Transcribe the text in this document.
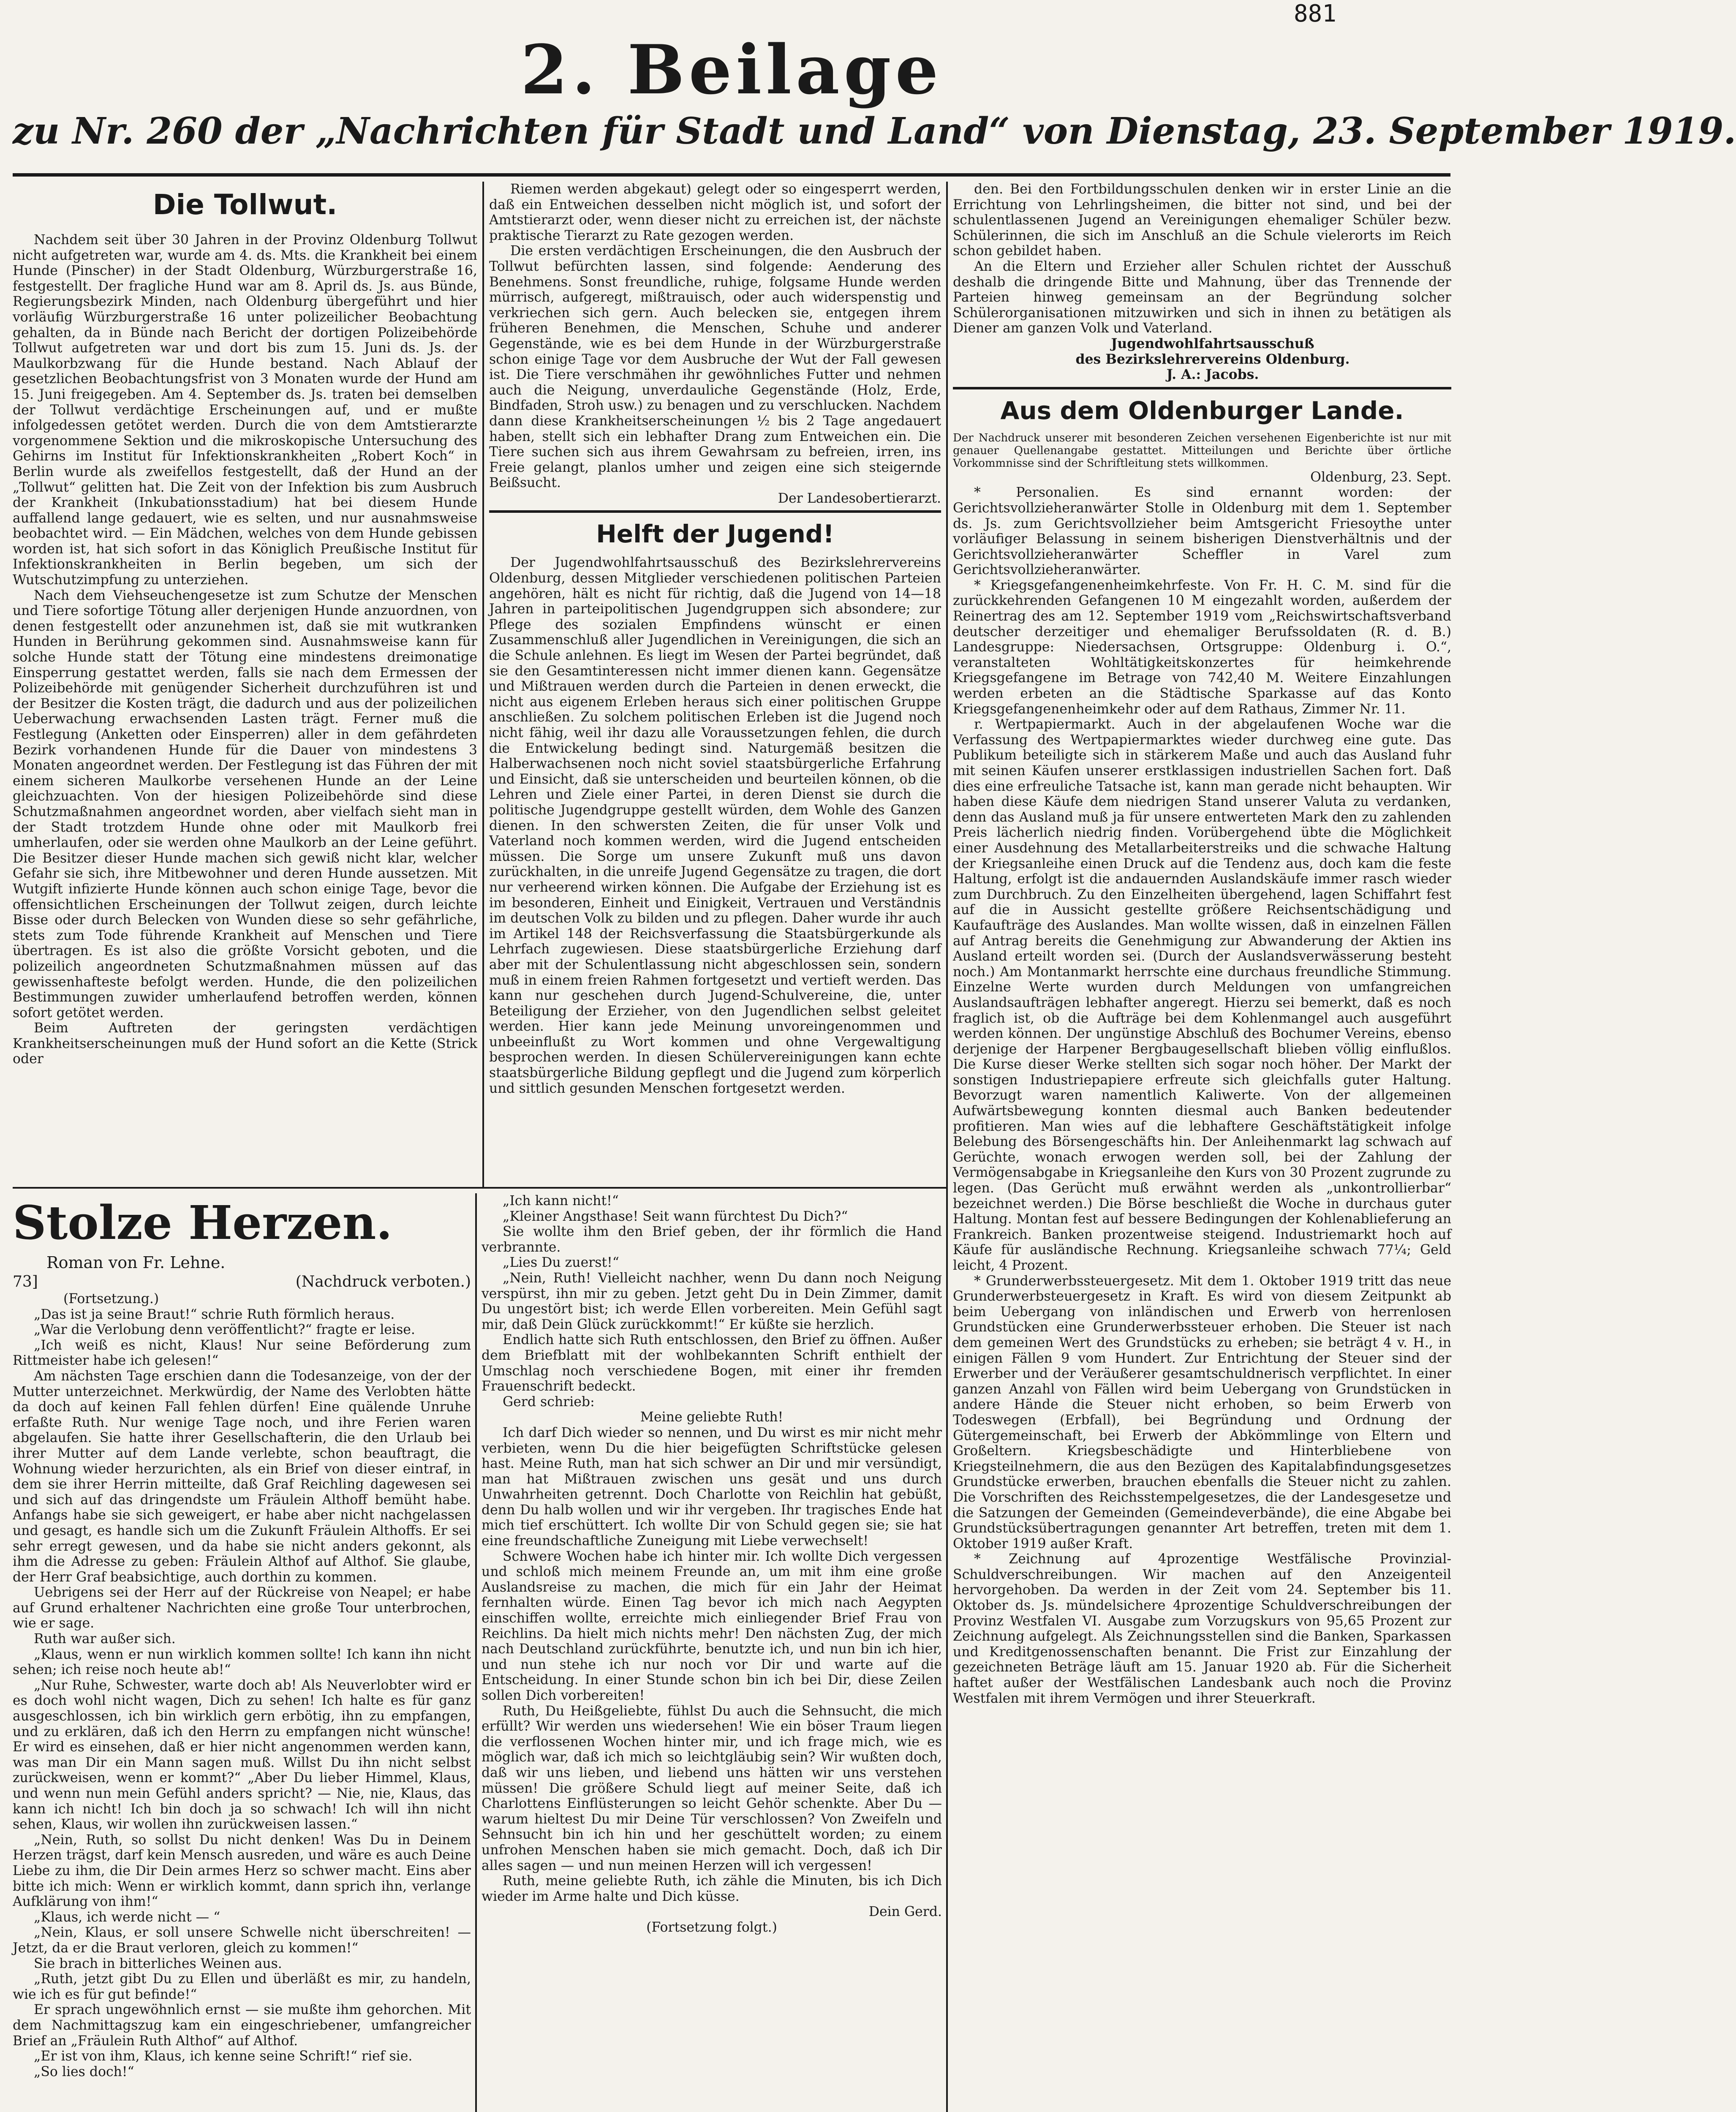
881
2. Beilage
zu Nr. 260 der „Nachrichten für Stadt und Land“ von Dienstag, 23. September 1919.
Die Tollwut.

Nachdem seit über 30 Jahren in der Provinz Oldenburg Tollwut nicht aufgetreten war, wurde am 4. ds. Mts. die Krankheit bei einem Hunde (Pinscher) in der Stadt Oldenburg, Würzburgerstraße 16, festgestellt. Der fragliche Hund war am 8. April ds. Js. aus Bünde, Regierungsbezirk Minden, nach Oldenburg übergeführt und hier vorläufig Würzburgerstraße 16 unter polizeilicher Beobachtung gehalten, da in Bünde nach Bericht der dortigen Polizeibehörde Tollwut aufgetreten war und dort bis zum 15. Juni ds. Js. der Maulkorbzwang für die Hunde bestand. Nach Ablauf der gesetzlichen Beobachtungsfrist von 3 Monaten wurde der Hund am 15. Juni freigegeben. Am 4. September ds. Js. traten bei demselben der Tollwut verdächtige Erscheinungen auf, und er mußte infolgedessen getötet werden. Durch die von dem Amtstierarzte vorgenommene Sektion und die mikroskopische Untersuchung des Gehirns im Institut für Infektionskrankheiten „Robert Koch“ in Berlin wurde als zweifellos festgestellt, daß der Hund an der „Tollwut“ gelitten hat. Die Zeit von der Infektion bis zum Ausbruch der Krankheit (Inkubationsstadium) hat bei diesem Hunde auffallend lange gedauert, wie es selten, und nur ausnahmsweise beobachtet wird. — Ein Mädchen, welches von dem Hunde gebissen worden ist, hat sich sofort in das Königlich Preußische Institut für Infektionskrankheiten in Berlin begeben, um sich der Wutschutzimpfung zu unterziehen.

Nach dem Viehseuchengesetze ist zum Schutze der Menschen und Tiere sofortige Tötung aller derjenigen Hunde anzuordnen, von denen festgestellt oder anzunehmen ist, daß sie mit wutkranken Hunden in Berührung gekommen sind. Ausnahmsweise kann für solche Hunde statt der Tötung eine mindestens dreimonatige Einsperrung gestattet werden, falls sie nach dem Ermessen der Polizeibehörde mit genügender Sicherheit durchzuführen ist und der Besitzer die Kosten trägt, die dadurch und aus der polizeilichen Ueberwachung erwachsenden Lasten trägt. Ferner muß die Festlegung (Anketten oder Einsperren) aller in dem gefährdeten Bezirk vorhandenen Hunde für die Dauer von mindestens 3 Monaten angeordnet werden. Der Festlegung ist das Führen der mit einem sicheren Maulkorbe versehenen Hunde an der Leine gleichzuachten. Von der hiesigen Polizeibehörde sind diese Schutzmaßnahmen angeordnet worden, aber vielfach sieht man in der Stadt trotzdem Hunde ohne oder mit Maulkorb frei umherlaufen, oder sie werden ohne Maulkorb an der Leine geführt. Die Besitzer dieser Hunde machen sich gewiß nicht klar, welcher Gefahr sie sich, ihre Mitbewohner und deren Hunde aussetzen. Mit Wutgift infizierte Hunde können auch schon einige Tage, bevor die offensichtlichen Erscheinungen der Tollwut zeigen, durch leichte Bisse oder durch Belecken von Wunden diese so sehr gefährliche, stets zum Tode führende Krankheit auf Menschen und Tiere übertragen. Es ist also die größte Vorsicht geboten, und die polizeilich angeordneten Schutzmaßnahmen müssen auf das gewissenhafteste befolgt werden. Hunde, die den polizeilichen Bestimmungen zuwider umherlaufend betroffen werden, können sofort getötet werden.

Beim Auftreten der geringsten verdächtigen Krankheitserscheinungen muß der Hund sofort an die Kette (Strick oder

Riemen werden abgekaut) gelegt oder so eingesperrt werden, daß ein Entweichen desselben nicht möglich ist, und sofort der Amtstierarzt oder, wenn dieser nicht zu erreichen ist, der nächste praktische Tierarzt zu Rate gezogen werden.

Die ersten verdächtigen Erscheinungen, die den Ausbruch der Tollwut befürchten lassen, sind folgende: Aenderung des Benehmens. Sonst freundliche, ruhige, folgsame Hunde werden mürrisch, aufgeregt, mißtrauisch, oder auch widerspenstig und verkriechen sich gern. Auch belecken sie, entgegen ihrem früheren Benehmen, die Menschen, Schuhe und anderer Gegenstände, wie es bei dem Hunde in der Würzburgerstraße schon einige Tage vor dem Ausbruche der Wut der Fall gewesen ist. Die Tiere verschmähen ihr gewöhnliches Futter und nehmen auch die Neigung, unverdauliche Gegenstände (Holz, Erde, Bindfaden, Stroh usw.) zu benagen und zu verschlucken. Nachdem dann diese Krankheitserscheinungen ½ bis 2 Tage angedauert haben, stellt sich ein lebhafter Drang zum Entweichen ein. Die Tiere suchen sich aus ihrem Gewahrsam zu befreien, irren, ins Freie gelangt, planlos umher und zeigen eine sich steigernde Beißsucht.

Der Landesobertierarzt.

Helft der Jugend!

Der Jugendwohlfahrtsausschuß des Bezirkslehrervereins Oldenburg, dessen Mitglieder verschiedenen politischen Parteien angehören, hält es nicht für richtig, daß die Jugend von 14—18 Jahren in parteipolitischen Jugendgruppen sich absondere; zur Pflege des sozialen Empfindens wünscht er einen Zusammenschluß aller Jugendlichen in Vereinigungen, die sich an die Schule anlehnen. Es liegt im Wesen der Partei begründet, daß sie den Gesamtinteressen nicht immer dienen kann. Gegensätze und Mißtrauen werden durch die Parteien in denen erweckt, die nicht aus eigenem Erleben heraus sich einer politischen Gruppe anschließen. Zu solchem politischen Erleben ist die Jugend noch nicht fähig, weil ihr dazu alle Voraussetzungen fehlen, die durch die Entwickelung bedingt sind. Naturgemäß besitzen die Halberwachsenen noch nicht soviel staatsbürgerliche Erfahrung und Einsicht, daß sie unterscheiden und beurteilen können, ob die Lehren und Ziele einer Partei, in deren Dienst sie durch die politische Jugendgruppe gestellt würden, dem Wohle des Ganzen dienen. In den schwersten Zeiten, die für unser Volk und Vaterland noch kommen werden, wird die Jugend entscheiden müssen. Die Sorge um unsere Zukunft muß uns davon zurückhalten, in die unreife Jugend Gegensätze zu tragen, die dort nur verheerend wirken können. Die Aufgabe der Erziehung ist es im besonderen, Einheit und Einigkeit, Vertrauen und Verständnis im deutschen Volk zu bilden und zu pflegen. Daher wurde ihr auch im Artikel 148 der Reichsverfassung die Staatsbürgerkunde als Lehrfach zugewiesen. Diese staatsbürgerliche Erziehung darf aber mit der Schulentlassung nicht abgeschlossen sein, sondern muß in einem freien Rahmen fortgesetzt und vertieft werden. Das kann nur geschehen durch Jugend-Schulvereine, die, unter Beteiligung der Erzieher, von den Jugendlichen selbst geleitet werden. Hier kann jede Meinung unvoreingenommen und unbeeinflußt zu Wort kommen und ohne Vergewaltigung besprochen werden. In diesen Schülervereinigungen kann echte staatsbürgerliche Bildung gepflegt und die Jugend zum körperlich und sittlich gesunden Menschen fortgesetzt werden.

den. Bei den Fortbildungsschulen denken wir in erster Linie an die Errichtung von Lehrlingsheimen, die bitter not sind, und bei der schulentlassenen Jugend an Vereinigungen ehemaliger Schüler bezw. Schülerinnen, die sich im Anschluß an die Schule vielerorts im Reich schon gebildet haben.

An die Eltern und Erzieher aller Schulen richtet der Ausschuß deshalb die dringende Bitte und Mahnung, über das Trennende der Parteien hinweg gemeinsam an der Begründung solcher Schülerorganisationen mitzuwirken und sich in ihnen zu betätigen als Diener am ganzen Volk und Vaterland.

Jugendwohlfahrtsausschuß

des Bezirkslehrervereins Oldenburg.

J. A.: Jacobs.

Aus dem Oldenburger Lande.

Der Nachdruck unserer mit besonderen Zeichen versehenen Eigenberichte ist nur mit genauer Quellenangabe gestattet. Mitteilungen und Berichte über örtliche Vorkommnisse sind der Schriftleitung stets willkommen.

Oldenburg, 23. Sept.

* Personalien. Es sind ernannt worden: der Gerichtsvollzieheranwärter Stolle in Oldenburg mit dem 1. September ds. Js. zum Gerichtsvollzieher beim Amtsgericht Friesoythe unter vorläufiger Belassung in seinem bisherigen Dienstverhältnis und der Gerichtsvollzieheranwärter Scheffler in Varel zum Gerichtsvollzieheranwärter.

* Kriegsgefangenenheimkehrfeste. Von Fr. H. C. M. sind für die zurückkehrenden Gefangenen 10 M eingezahlt worden, außerdem der Reinertrag des am 12. September 1919 vom „Reichswirtschaftsverband deutscher derzeitiger und ehemaliger Berufssoldaten (R. d. B.) Landesgruppe: Niedersachsen, Ortsgruppe: Oldenburg i. O.“, veranstalteten Wohltätigkeitskonzertes für heimkehrende Kriegsgefangene im Betrage von 742,40 M. Weitere Einzahlungen werden erbeten an die Städtische Sparkasse auf das Konto Kriegsgefangenenheimkehr oder auf dem Rathaus, Zimmer Nr. 11.

r. Wertpapiermarkt. Auch in der abgelaufenen Woche war die Verfassung des Wertpapiermarktes wieder durchweg eine gute. Das Publikum beteiligte sich in stärkerem Maße und auch das Ausland fuhr mit seinen Käufen unserer erstklassigen industriellen Sachen fort. Daß dies eine erfreuliche Tatsache ist, kann man gerade nicht behaupten. Wir haben diese Käufe dem niedrigen Stand unserer Valuta zu verdanken, denn das Ausland muß ja für unsere entwerteten Mark den zu zahlenden Preis lächerlich niedrig finden. Vorübergehend übte die Möglichkeit einer Ausdehnung des Metallarbeiterstreiks und die schwache Haltung der Kriegsanleihe einen Druck auf die Tendenz aus, doch kam die feste Haltung, erfolgt ist die andauernden Auslandskäufe immer rasch wieder zum Durchbruch. Zu den Einzelheiten übergehend, lagen Schiffahrt fest auf die in Aussicht gestellte größere Reichsentschädigung und Kaufaufträge des Auslandes. Man wollte wissen, daß in einzelnen Fällen auf Antrag bereits die Genehmigung zur Abwanderung der Aktien ins Ausland erteilt worden sei. (Durch der Auslandsverwässerung besteht noch.) Am Montanmarkt herrschte eine durchaus freundliche Stimmung. Einzelne Werte wurden durch Meldungen von umfangreichen Auslandsaufträgen lebhafter angeregt. Hierzu sei bemerkt, daß es noch fraglich ist, ob die Aufträge bei dem Kohlenmangel auch ausgeführt werden können. Der ungünstige Abschluß des Bochumer Vereins, ebenso derjenige der Harpener Bergbaugesellschaft blieben völlig einflußlos. Die Kurse dieser Werke stellten sich sogar noch höher. Der Markt der sonstigen Industriepapiere erfreute sich gleichfalls guter Haltung. Bevorzugt waren namentlich Kaliwerte. Von der allgemeinen Aufwärtsbewegung konnten diesmal auch Banken bedeutender profitieren. Man wies auf die lebhaftere Geschäftstätigkeit infolge Belebung des Börsengeschäfts hin. Der Anleihenmarkt lag schwach auf Gerüchte, wonach erwogen werden soll, bei der Zahlung der Vermögensabgabe in Kriegsanleihe den Kurs von 30 Prozent zugrunde zu legen. (Das Gerücht muß erwähnt werden als „unkontrollierbar“ bezeichnet werden.) Die Börse beschließt die Woche in durchaus guter Haltung. Montan fest auf bessere Bedingungen der Kohlenablieferung an Frankreich. Banken prozentweise steigend. Industriemarkt hoch auf Käufe für ausländische Rechnung. Kriegsanleihe schwach 77¼; Geld leicht, 4 Prozent.

* Grunderwerbssteuergesetz. Mit dem 1. Oktober 1919 tritt das neue Grunderwerbsteuergesetz in Kraft. Es wird von diesem Zeitpunkt ab beim Uebergang von inländischen und Erwerb von herrenlosen Grundstücken eine Grunderwerbssteuer erhoben. Die Steuer ist nach dem gemeinen Wert des Grundstücks zu erheben; sie beträgt 4 v. H., in einigen Fällen 9 vom Hundert. Zur Entrichtung der Steuer sind der Erwerber und der Veräußerer gesamtschuldnerisch verpflichtet. In einer ganzen Anzahl von Fällen wird beim Uebergang von Grundstücken in andere Hände die Steuer nicht erhoben, so beim Erwerb von Todeswegen (Erbfall), bei Begründung und Ordnung der Gütergemeinschaft, bei Erwerb der Abkömmlinge von Eltern und Großeltern. Kriegsbeschädigte und Hinterbliebene von Kriegsteilnehmern, die aus den Bezügen des Kapitalabfindungsgesetzes Grundstücke erwerben, brauchen ebenfalls die Steuer nicht zu zahlen. Die Vorschriften des Reichsstempelgesetzes, die der Landesgesetze und die Satzungen der Gemeinden (Gemeindeverbände), die eine Abgabe bei Grundstücksübertragungen genannter Art betreffen, treten mit dem 1. Oktober 1919 außer Kraft.

* Zeichnung auf 4prozentige Westfälische Provinzial-Schuldverschreibungen. Wir machen auf den Anzeigenteil hervorgehoben. Da werden in der Zeit vom 24. September bis 11. Oktober ds. Js. mündelsichere 4prozentige Schuldverschreibungen der Provinz Westfalen VI. Ausgabe zum Vorzugskurs von 95,65 Prozent zur Zeichnung aufgelegt. Als Zeichnungsstellen sind die Banken, Sparkassen und Kreditgenossenschaften benannt. Die Frist zur Einzahlung der gezeichneten Beträge läuft am 15. Januar 1920 ab. Für die Sicherheit haftet außer der Westfälischen Landesbank auch noch die Provinz Westfalen mit ihrem Vermögen und ihrer Steuerkraft.

Stolze Herzen.
Roman von Fr. Lehne.
73]	(Nachdruck verboten.)

(Fortsetzung.)

„Das ist ja seine Braut!“ schrie Ruth förmlich heraus.

„War die Verlobung denn veröffentlicht?“ fragte er leise.

„Ich weiß es nicht, Klaus! Nur seine Beförderung zum Rittmeister habe ich gelesen!“

Am nächsten Tage erschien dann die Todesanzeige, von der der Mutter unterzeichnet. Merkwürdig, der Name des Verlobten hätte da doch auf keinen Fall fehlen dürfen! Eine quälende Unruhe erfaßte Ruth. Nur wenige Tage noch, und ihre Ferien waren abgelaufen. Sie hatte ihrer Gesellschafterin, die den Urlaub bei ihrer Mutter auf dem Lande verlebte, schon beauftragt, die Wohnung wieder herzurichten, als ein Brief von dieser eintraf, in dem sie ihrer Herrin mitteilte, daß Graf Reichling dagewesen sei und sich auf das dringendste um Fräulein Althoff bemüht habe. Anfangs habe sie sich geweigert, er habe aber nicht nachgelassen und gesagt, es handle sich um die Zukunft Fräulein Althoffs. Er sei sehr erregt gewesen, und da habe sie nicht anders gekonnt, als ihm die Adresse zu geben: Fräulein Althof auf Althof. Sie glaube, der Herr Graf beabsichtige, auch dorthin zu kommen.

Uebrigens sei der Herr auf der Rückreise von Neapel; er habe auf Grund erhaltener Nachrichten eine große Tour unterbrochen, wie er sage.

Ruth war außer sich.

„Klaus, wenn er nun wirklich kommen sollte! Ich kann ihn nicht sehen; ich reise noch heute ab!“

„Nur Ruhe, Schwester, warte doch ab! Als Neuverlobter wird er es doch wohl nicht wagen, Dich zu sehen! Ich halte es für ganz ausgeschlossen, ich bin wirklich gern erbötig, ihn zu empfangen, und zu erklären, daß ich den Herrn zu empfangen nicht wünsche! Er wird es einsehen, daß er hier nicht angenommen werden kann, was man Dir ein Mann sagen muß. Willst Du ihn nicht selbst zurückweisen, wenn er kommt?“ „Aber Du lieber Himmel, Klaus, und wenn nun mein Gefühl anders spricht? — Nie, nie, Klaus, das kann ich nicht! Ich bin doch ja so schwach! Ich will ihn nicht sehen, Klaus, wir wollen ihn zurückweisen lassen.“

„Nein, Ruth, so sollst Du nicht denken! Was Du in Deinem Herzen trägst, darf kein Mensch ausreden, und wäre es auch Deine Liebe zu ihm, die Dir Dein armes Herz so schwer macht. Eins aber bitte ich mich: Wenn er wirklich kommt, dann sprich ihn, verlange Aufklärung von ihm!“

„Klaus, ich werde nicht — “

„Nein, Klaus, er soll unsere Schwelle nicht überschreiten! — Jetzt, da er die Braut verloren, gleich zu kommen!“

Sie brach in bitterliches Weinen aus.

„Ruth, jetzt gibt Du zu Ellen und überläßt es mir, zu handeln, wie ich es für gut befinde!“

Er sprach ungewöhnlich ernst — sie mußte ihm gehorchen. Mit dem Nachmittagszug kam ein eingeschriebener, umfangreicher Brief an „Fräulein Ruth Althof“ auf Althof.

„Er ist von ihm, Klaus, ich kenne seine Schrift!“ rief sie.

„So lies doch!“

„Ich kann nicht!“

„Kleiner Angsthase! Seit wann fürchtest Du Dich?“

Sie wollte ihm den Brief geben, der ihr förmlich die Hand verbrannte.

„Lies Du zuerst!“

„Nein, Ruth! Vielleicht nachher, wenn Du dann noch Neigung verspürst, ihn mir zu geben. Jetzt geht Du in Dein Zimmer, damit Du ungestört bist; ich werde Ellen vorbereiten. Mein Gefühl sagt mir, daß Dein Glück zurückkommt!“ Er küßte sie herzlich.

Endlich hatte sich Ruth entschlossen, den Brief zu öffnen. Außer dem Briefblatt mit der wohlbekannten Schrift enthielt der Umschlag noch verschiedene Bogen, mit einer ihr fremden Frauenschrift bedeckt.

Gerd schrieb:

Meine geliebte Ruth!

Ich darf Dich wieder so nennen, und Du wirst es mir nicht mehr verbieten, wenn Du die hier beigefügten Schriftstücke gelesen hast. Meine Ruth, man hat sich schwer an Dir und mir versündigt, man hat Mißtrauen zwischen uns gesät und uns durch Unwahrheiten getrennt. Doch Charlotte von Reichlin hat gebüßt, denn Du halb wollen und wir ihr vergeben. Ihr tragisches Ende hat mich tief erschüttert. Ich wollte Dir von Schuld gegen sie; sie hat eine freundschaftliche Zuneigung mit Liebe verwechselt!

Schwere Wochen habe ich hinter mir. Ich wollte Dich vergessen und schloß mich meinem Freunde an, um mit ihm eine große Auslandsreise zu machen, die mich für ein Jahr der Heimat fernhalten würde. Einen Tag bevor ich mich nach Aegypten einschiffen wollte, erreichte mich einliegender Brief Frau von Reichlins. Da hielt mich nichts mehr! Den nächsten Zug, der mich nach Deutschland zurückführte, benutzte ich, und nun bin ich hier, und nun stehe ich nur noch vor Dir und warte auf die Entscheidung. In einer Stunde schon bin ich bei Dir, diese Zeilen sollen Dich vorbereiten!

Ruth, Du Heißgeliebte, fühlst Du auch die Sehnsucht, die mich erfüllt? Wir werden uns wiedersehen! Wie ein böser Traum liegen die verflossenen Wochen hinter mir, und ich frage mich, wie es möglich war, daß ich mich so leichtgläubig sein? Wir wußten doch, daß wir uns lieben, und liebend uns hätten wir uns verstehen müssen! Die größere Schuld liegt auf meiner Seite, daß ich Charlottens Einflüsterungen so leicht Gehör schenkte. Aber Du — warum hieltest Du mir Deine Tür verschlossen? Von Zweifeln und Sehnsucht bin ich hin und her geschüttelt worden; zu einem unfrohen Menschen haben sie mich gemacht. Doch, daß ich Dir alles sagen — und nun meinen Herzen will ich vergessen!

Ruth, meine geliebte Ruth, ich zähle die Minuten, bis ich Dich wieder im Arme halte und Dich küsse.

Dein Gerd.

(Fortsetzung folgt.)
